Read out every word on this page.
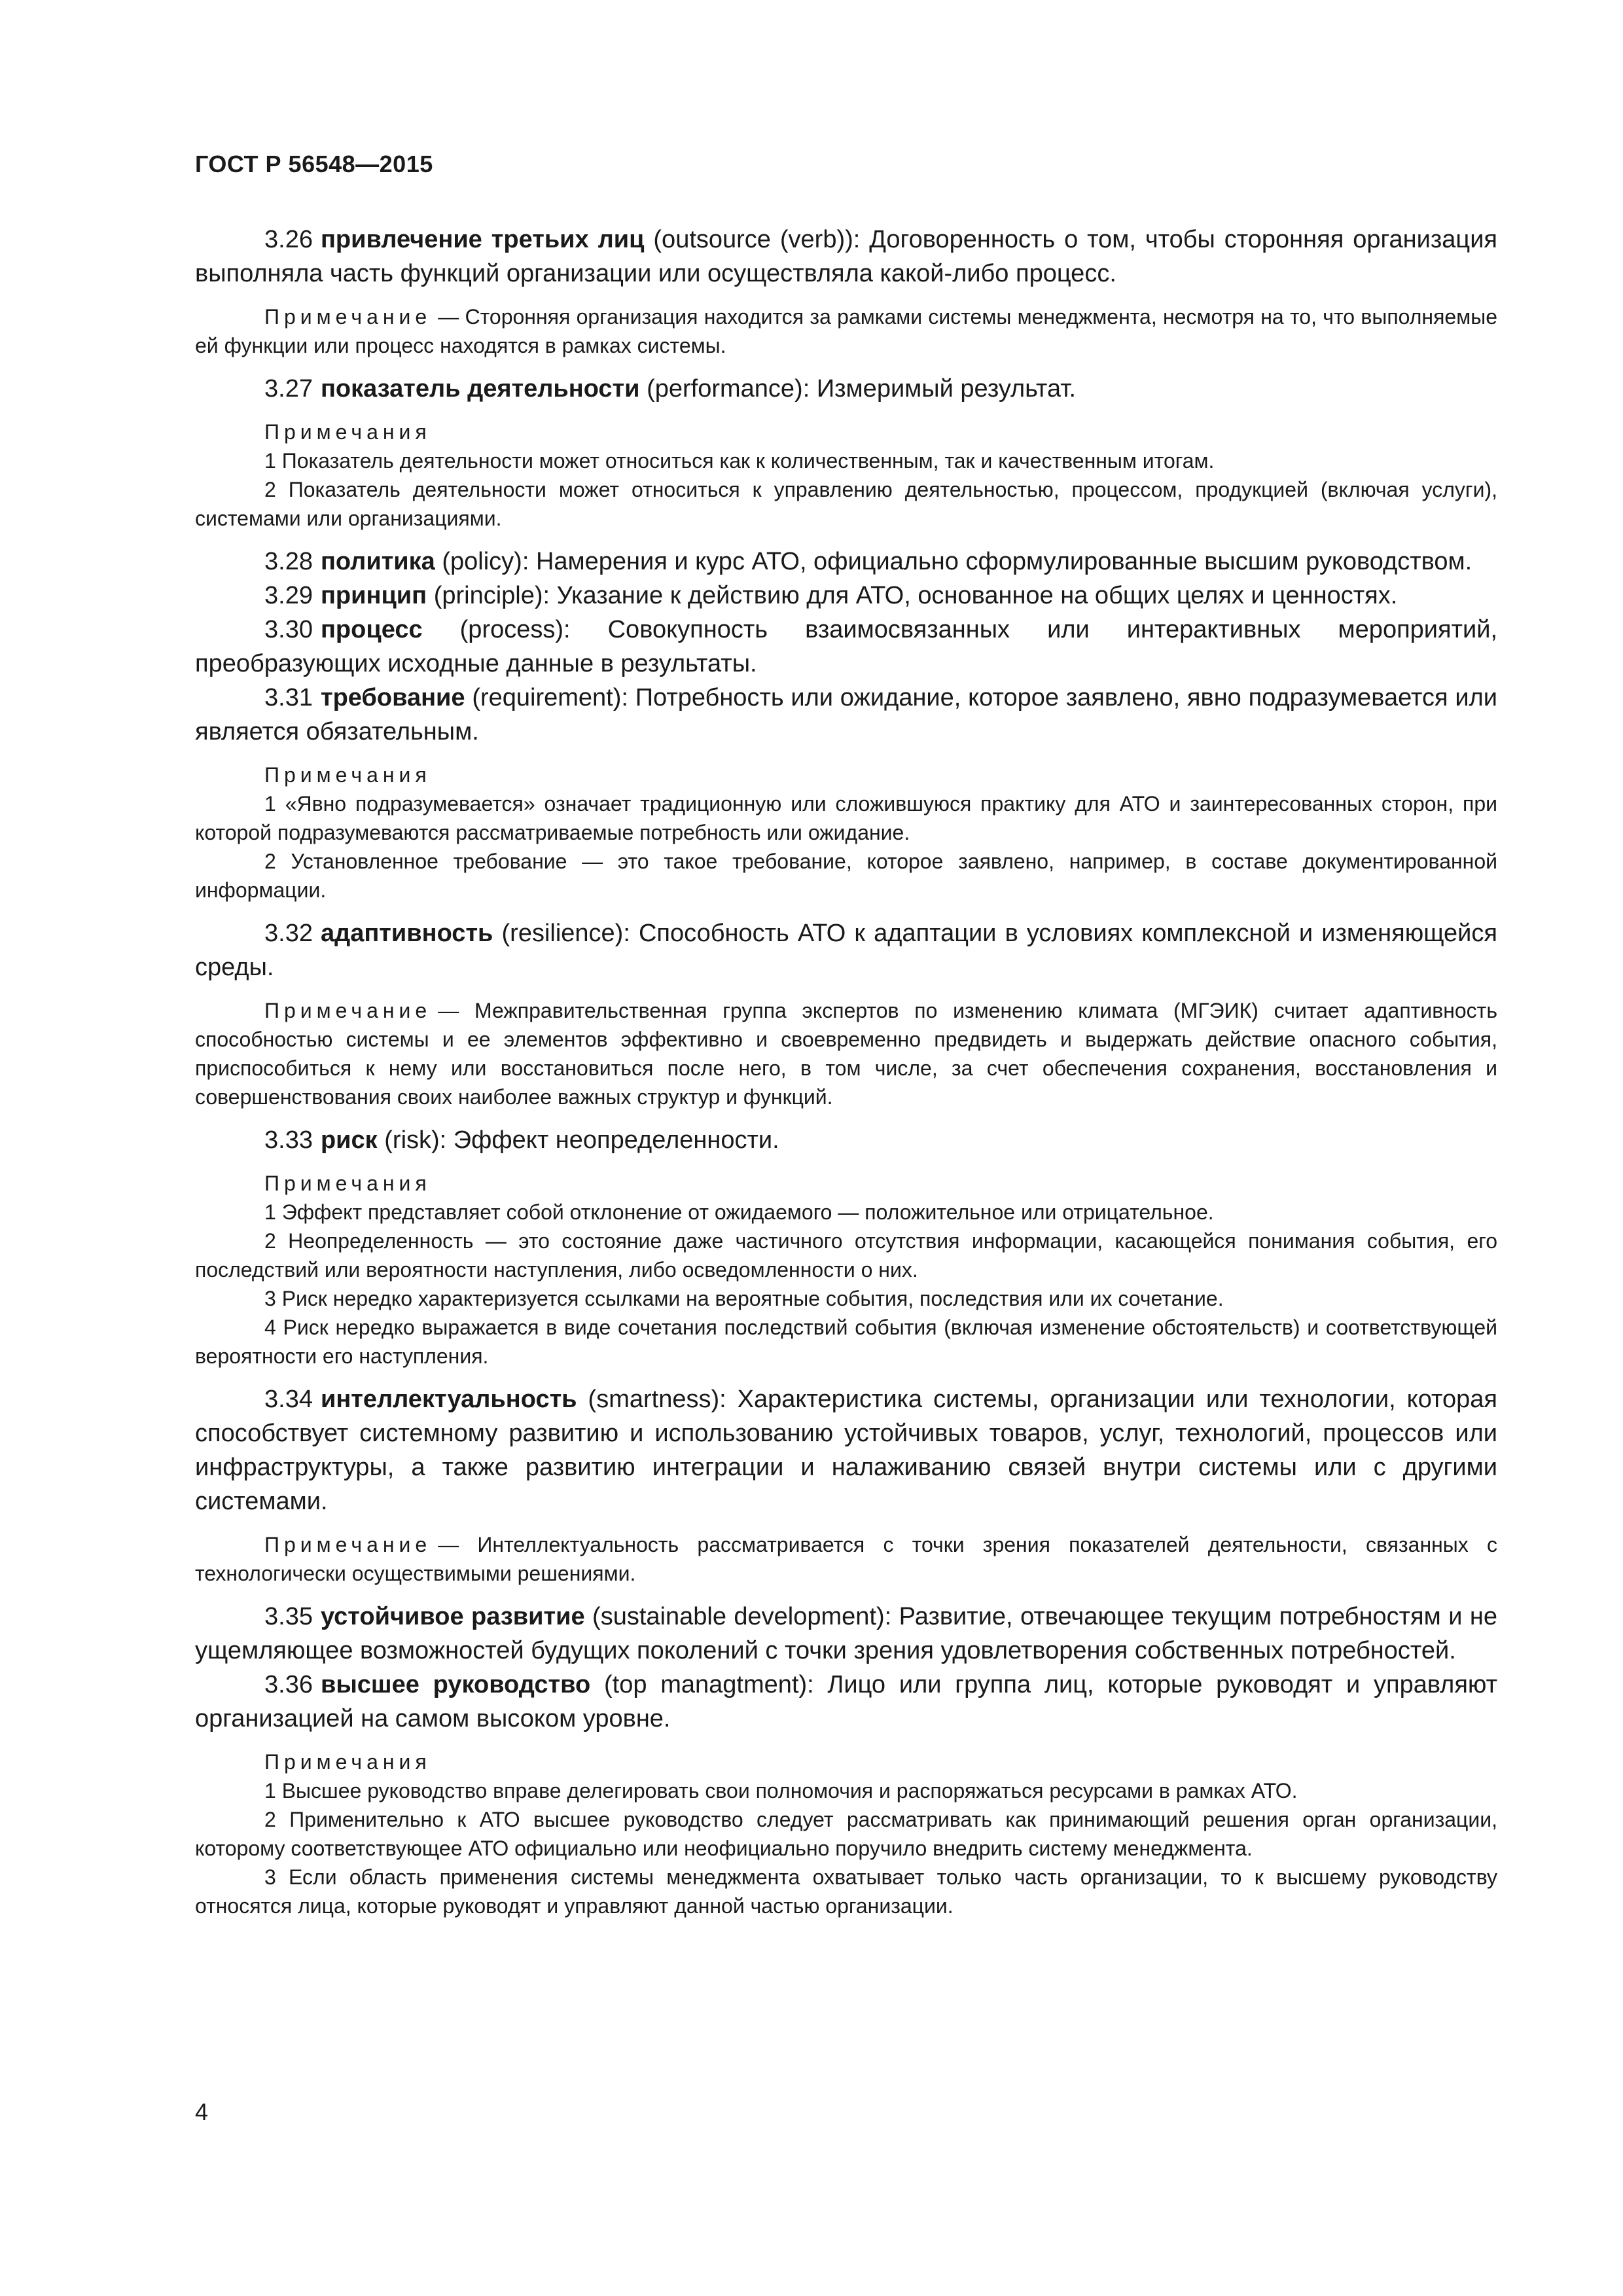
ГОСТ Р 56548—2015

3.26 привлечение третьих лиц (outsource (verb)): Договоренность о том, чтобы сторонняя организация выполняла часть функций организации или осуществляла какой-либо процесс.

Примечание — Сторонняя организация находится за рамками системы менеджмента, несмотря на то, что выполняемые ей функции или процесс находятся в рамках системы.

3.27 показатель деятельности (performance): Измеримый результат.

Примечания

1 Показатель деятельности может относиться как к количественным, так и качественным итогам.

2 Показатель деятельности может относиться к управлению деятельностью, процессом, продукцией (включая услуги), системами или организациями.

3.28 политика (policy): Намерения и курс АТО, официально сформулированные высшим руководством.

3.29 принцип (principle): Указание к действию для АТО, основанное на общих целях и ценностях.

3.30 процесс (process): Совокупность взаимосвязанных или интерактивных мероприятий, преобразующих исходные данные в результаты.

3.31 требование (requirement): Потребность или ожидание, которое заявлено, явно подразумевается или является обязательным.

Примечания

1 «Явно подразумевается» означает традиционную или сложившуюся практику для АТО и заинтересованных сторон, при которой подразумеваются рассматриваемые потребность или ожидание.

2 Установленное требование — это такое требование, которое заявлено, например, в составе документированной информации.

3.32 адаптивность (resilience): Способность АТО к адаптации в условиях комплексной и изменяющейся среды.

Примечание — Межправительственная группа экспертов по изменению климата (МГЭИК) считает адаптивность способностью системы и ее элементов эффективно и своевременно предвидеть и выдержать действие опасного события, приспособиться к нему или восстановиться после него, в том числе, за счет обеспечения сохранения, восстановления и совершенствования своих наиболее важных структур и функций.

3.33 риск (risk): Эффект неопределенности.

Примечания

1 Эффект представляет собой отклонение от ожидаемого — положительное или отрицательное.

2 Неопределенность — это состояние даже частичного отсутствия информации, касающейся понимания события, его последствий или вероятности наступления, либо осведомленности о них.

3 Риск нередко характеризуется ссылками на вероятные события, последствия или их сочетание.

4 Риск нередко выражается в виде сочетания последствий события (включая изменение обстоятельств) и соответствующей вероятности его наступления.

3.34 интеллектуальность (smartness): Характеристика системы, организации или технологии, которая способствует системному развитию и использованию устойчивых товаров, услуг, технологий, процессов или инфраструктуры, а также развитию интеграции и налаживанию связей внутри системы или с другими системами.

Примечание — Интеллектуальность рассматривается с точки зрения показателей деятельности, связанных с технологически осуществимыми решениями.

3.35 устойчивое развитие (sustainable development): Развитие, отвечающее текущим потребностям и не ущемляющее возможностей будущих поколений с точки зрения удовлетворения собственных потребностей.

3.36 высшее руководство (top managtment): Лицо или группа лиц, которые руководят и управляют организацией на самом высоком уровне.

Примечания

1 Высшее руководство вправе делегировать свои полномочия и распоряжаться ресурсами в рамках АТО.

2 Применительно к АТО высшее руководство следует рассматривать как принимающий решения орган организации, которому соответствующее АТО официально или неофициально поручило внедрить систему менеджмента.

3 Если область применения системы менеджмента охватывает только часть организации, то к высшему руководству относятся лица, которые руководят и управляют данной частью организации.

4
